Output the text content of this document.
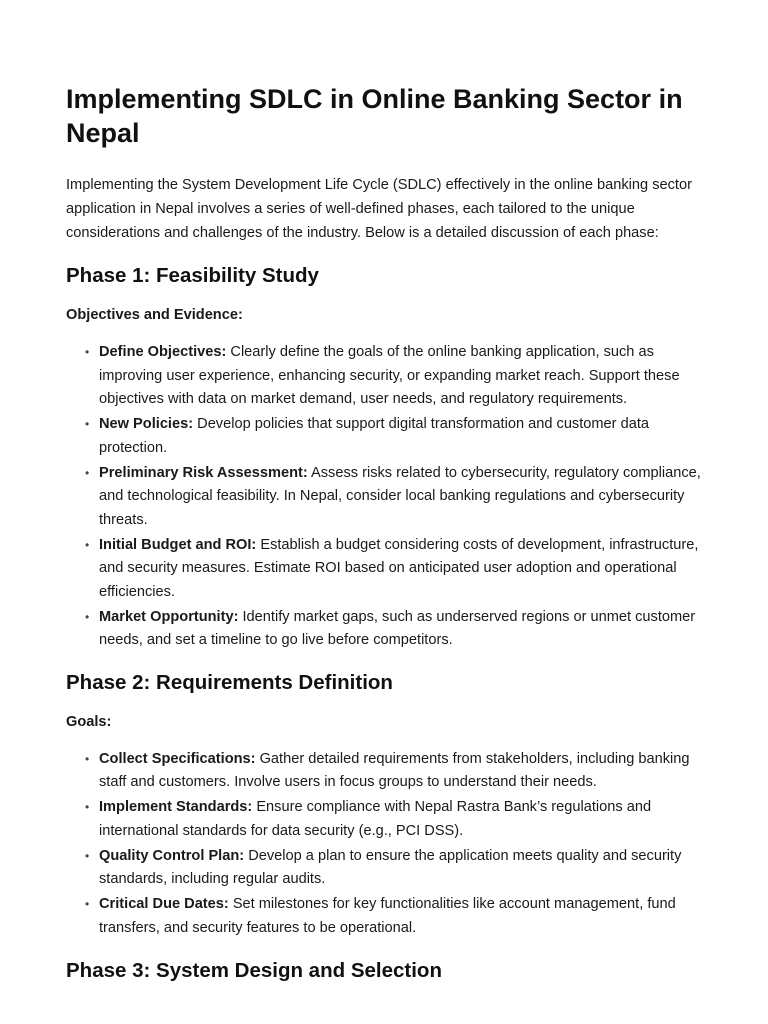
Implementing SDLC in Online Banking Sector in Nepal

Implementing the System Development Life Cycle (SDLC) effectively in the online banking sector application in Nepal involves a series of well-defined phases, each tailored to the unique considerations and challenges of the industry. Below is a detailed discussion of each phase:

Phase 1: Feasibility Study
Objectives and Evidence:
• Define Objectives: Clearly define the goals of the online banking application, such as improving user experience, enhancing security, or expanding market reach. Support these objectives with data on market demand, user needs, and regulatory requirements.
• New Policies: Develop policies that support digital transformation and customer data protection.
• Preliminary Risk Assessment: Assess risks related to cybersecurity, regulatory compliance, and technological feasibility. In Nepal, consider local banking regulations and cybersecurity threats.
• Initial Budget and ROI: Establish a budget considering costs of development, infrastructure, and security measures. Estimate ROI based on anticipated user adoption and operational efficiencies.
• Market Opportunity: Identify market gaps, such as underserved regions or unmet customer needs, and set a timeline to go live before competitors.
Phase 2: Requirements Definition
Goals:
• Collect Specifications: Gather detailed requirements from stakeholders, including banking staff and customers. Involve users in focus groups to understand their needs.
• Implement Standards: Ensure compliance with Nepal Rastra Bank’s regulations and international standards for data security (e.g., PCI DSS).
• Quality Control Plan: Develop a plan to ensure the application meets quality and security standards, including regular audits.
• Critical Due Dates: Set milestones for key functionalities like account management, fund transfers, and security features to be operational.
Phase 3: System Design and Selection
